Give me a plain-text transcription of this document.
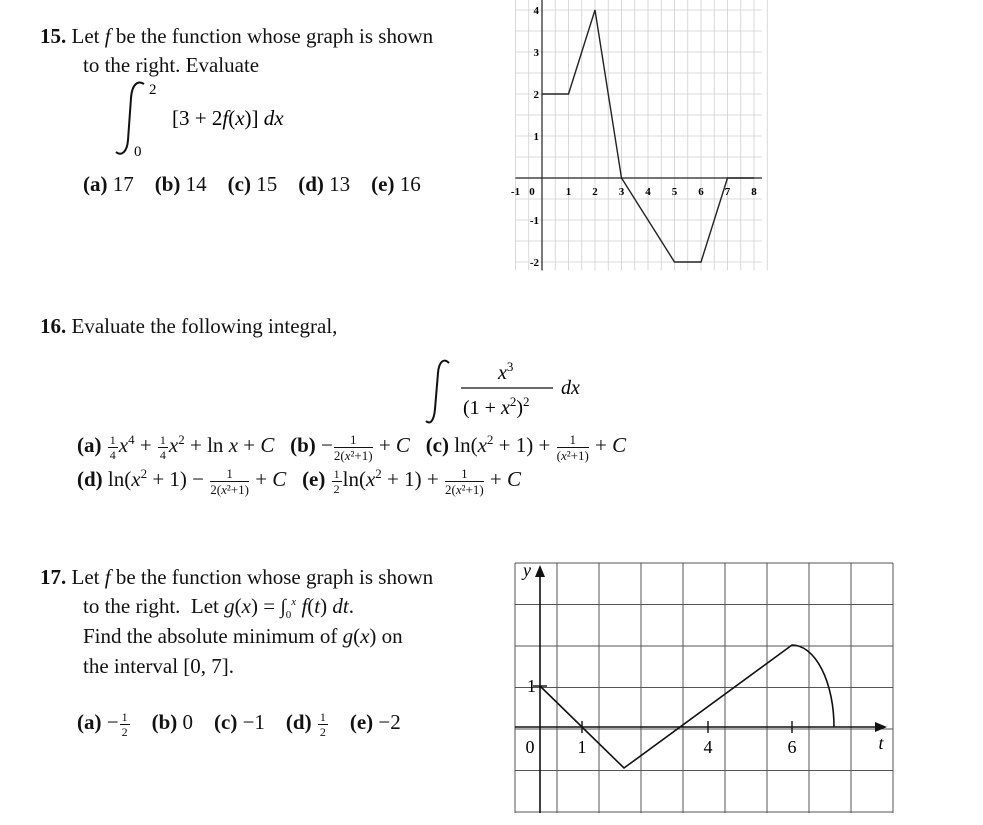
15. Let f be the function whose graph is shown
to the right. Evaluate
2
0
[3 + 2f(x)] dx
(a) 17 (b) 14 (c) 15 (d) 13 (e) 16	-1 0	1 2 3 4 5 6 7 8
4
3
2
1
-1
-2
16. Evaluate the following integral,
$x^3$
$(1 + x^2)^2$
dx
$(a) \frac{1}{4} x^4 + \frac{1}{4} x^2 + \ln x + C$ $(b) - \frac{1}{\text{2(x²+1)}} + C$ (c) $\ln(x^2 + 1) + \frac{1}{\text{(x²+1)}} + C$
(d) $\ln(x^2 + 1) - \frac{1}{\text{2(x²+1)}} + C$ $(e) \frac{1}{2} \ln(x^2 + 1) + \frac{1}{\text{2(x²+1)}} + C$
17. Let f be the function whose graph is shown
to the right.  Let $g(x) = \int_0^x$ f(t) dt.
Find the absolute minimum of g(x) on
the interval [0, 7].
$(a) - \frac{1}{2} (b)$ 0 (c) −1 $(d) \frac{1}{2} (e) -2$
y
t
1
0 1	4	6
